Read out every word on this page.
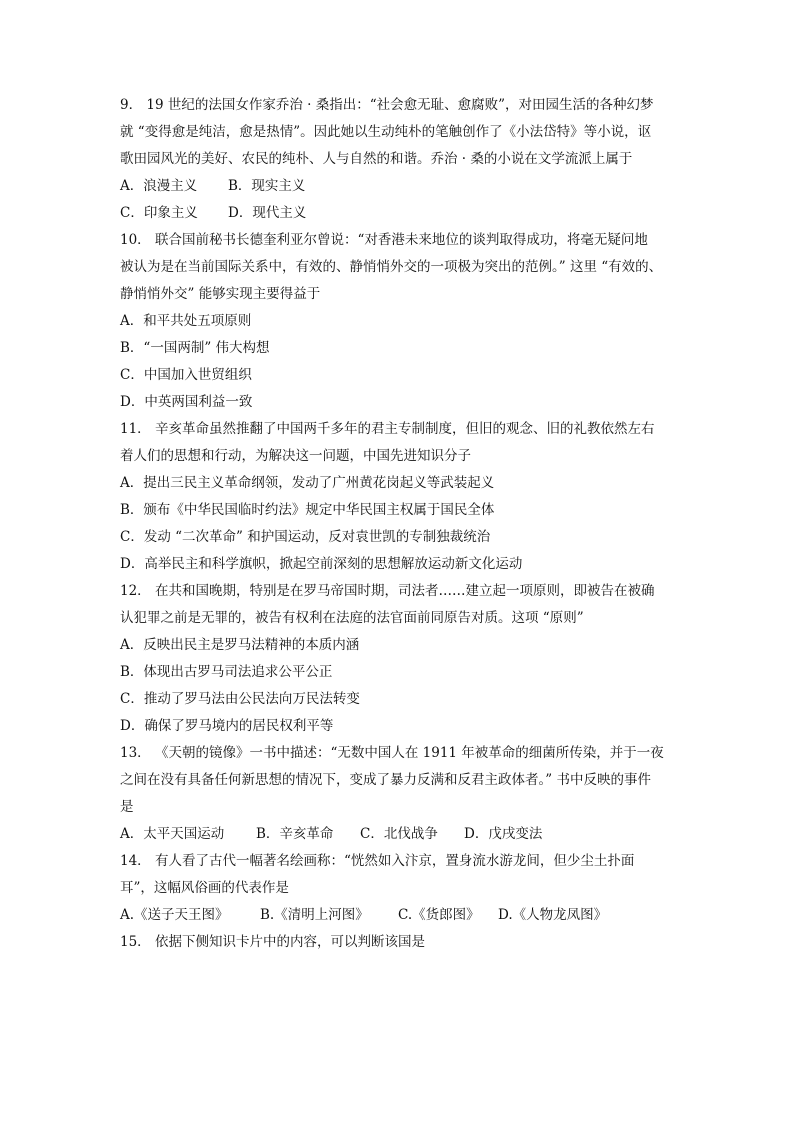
9． 19 世纪的法国女作家乔治 · 桑指出：“社会愈无耻、愈腐败”，对田园生活的各种幻梦
就 “变得愈是纯洁，愈是热情”。因此她以生动纯朴的笔触创作了《小法岱特》等小说，讴
歌田园风光的美好、农民的纯朴、人与自然的和谐。乔治 · 桑的小说在文学流派上属于
A．浪漫主义 B．现实主义
C．印象主义 D．现代主义
10． 联合国前秘书长德奎利亚尔曾说：“对香港未来地位的谈判取得成功，将毫无疑问地
被认为是在当前国际关系中，有效的、静悄悄外交的一项极为突出的范例。” 这里 “有效的、
静悄悄外交” 能够实现主要得益于
A．和平共处五项原则
B．“一国两制” 伟大构想
C．中国加入世贸组织
D．中英两国利益一致
11． 辛亥革命虽然推翻了中国两千多年的君主专制制度，但旧的观念、旧的礼教依然左右
着人们的思想和行动，为解决这一问题，中国先进知识分子
A．提出三民主义革命纲领，发动了广州黄花岗起义等武装起义
B．颁布《中华民国临时约法》规定中华民国主权属于国民全体
C．发动 “二次革命” 和护国运动，反对袁世凯的专制独裁统治
D．高举民主和科学旗帜，掀起空前深刻的思想解放运动新文化运动
12． 在共和国晚期，特别是在罗马帝国时期，司法者……建立起一项原则，即被告在被确
认犯罪之前是无罪的，被告有权利在法庭的法官面前同原告对质。这项 “原则”
A．反映出民主是罗马法精神的本质内涵
B．体现出古罗马司法追求公平公正
C．推动了罗马法由公民法向万民法转变
D．确保了罗马境内的居民权利平等
13． 《天朝的镜像》一书中描述：“无数中国人在 1911 年被革命的细菌所传染，并于一夜
之间在没有具备任何新思想的情况下，变成了暴力反满和反君主政体者。” 书中反映的事件
是
A．太平天国运动 B．辛亥革命 C．北伐战争 D．戊戌变法
14． 有人看了古代一幅著名绘画称：“恍然如入汴京，置身流水游龙间，但少尘土扑面
耳”，这幅风俗画的代表作是
A.《送子天王图》 B.《清明上河图》 C.《货郎图》 D.《人物龙凤图》
15． 依据下侧知识卡片中的内容，可以判断该国是
